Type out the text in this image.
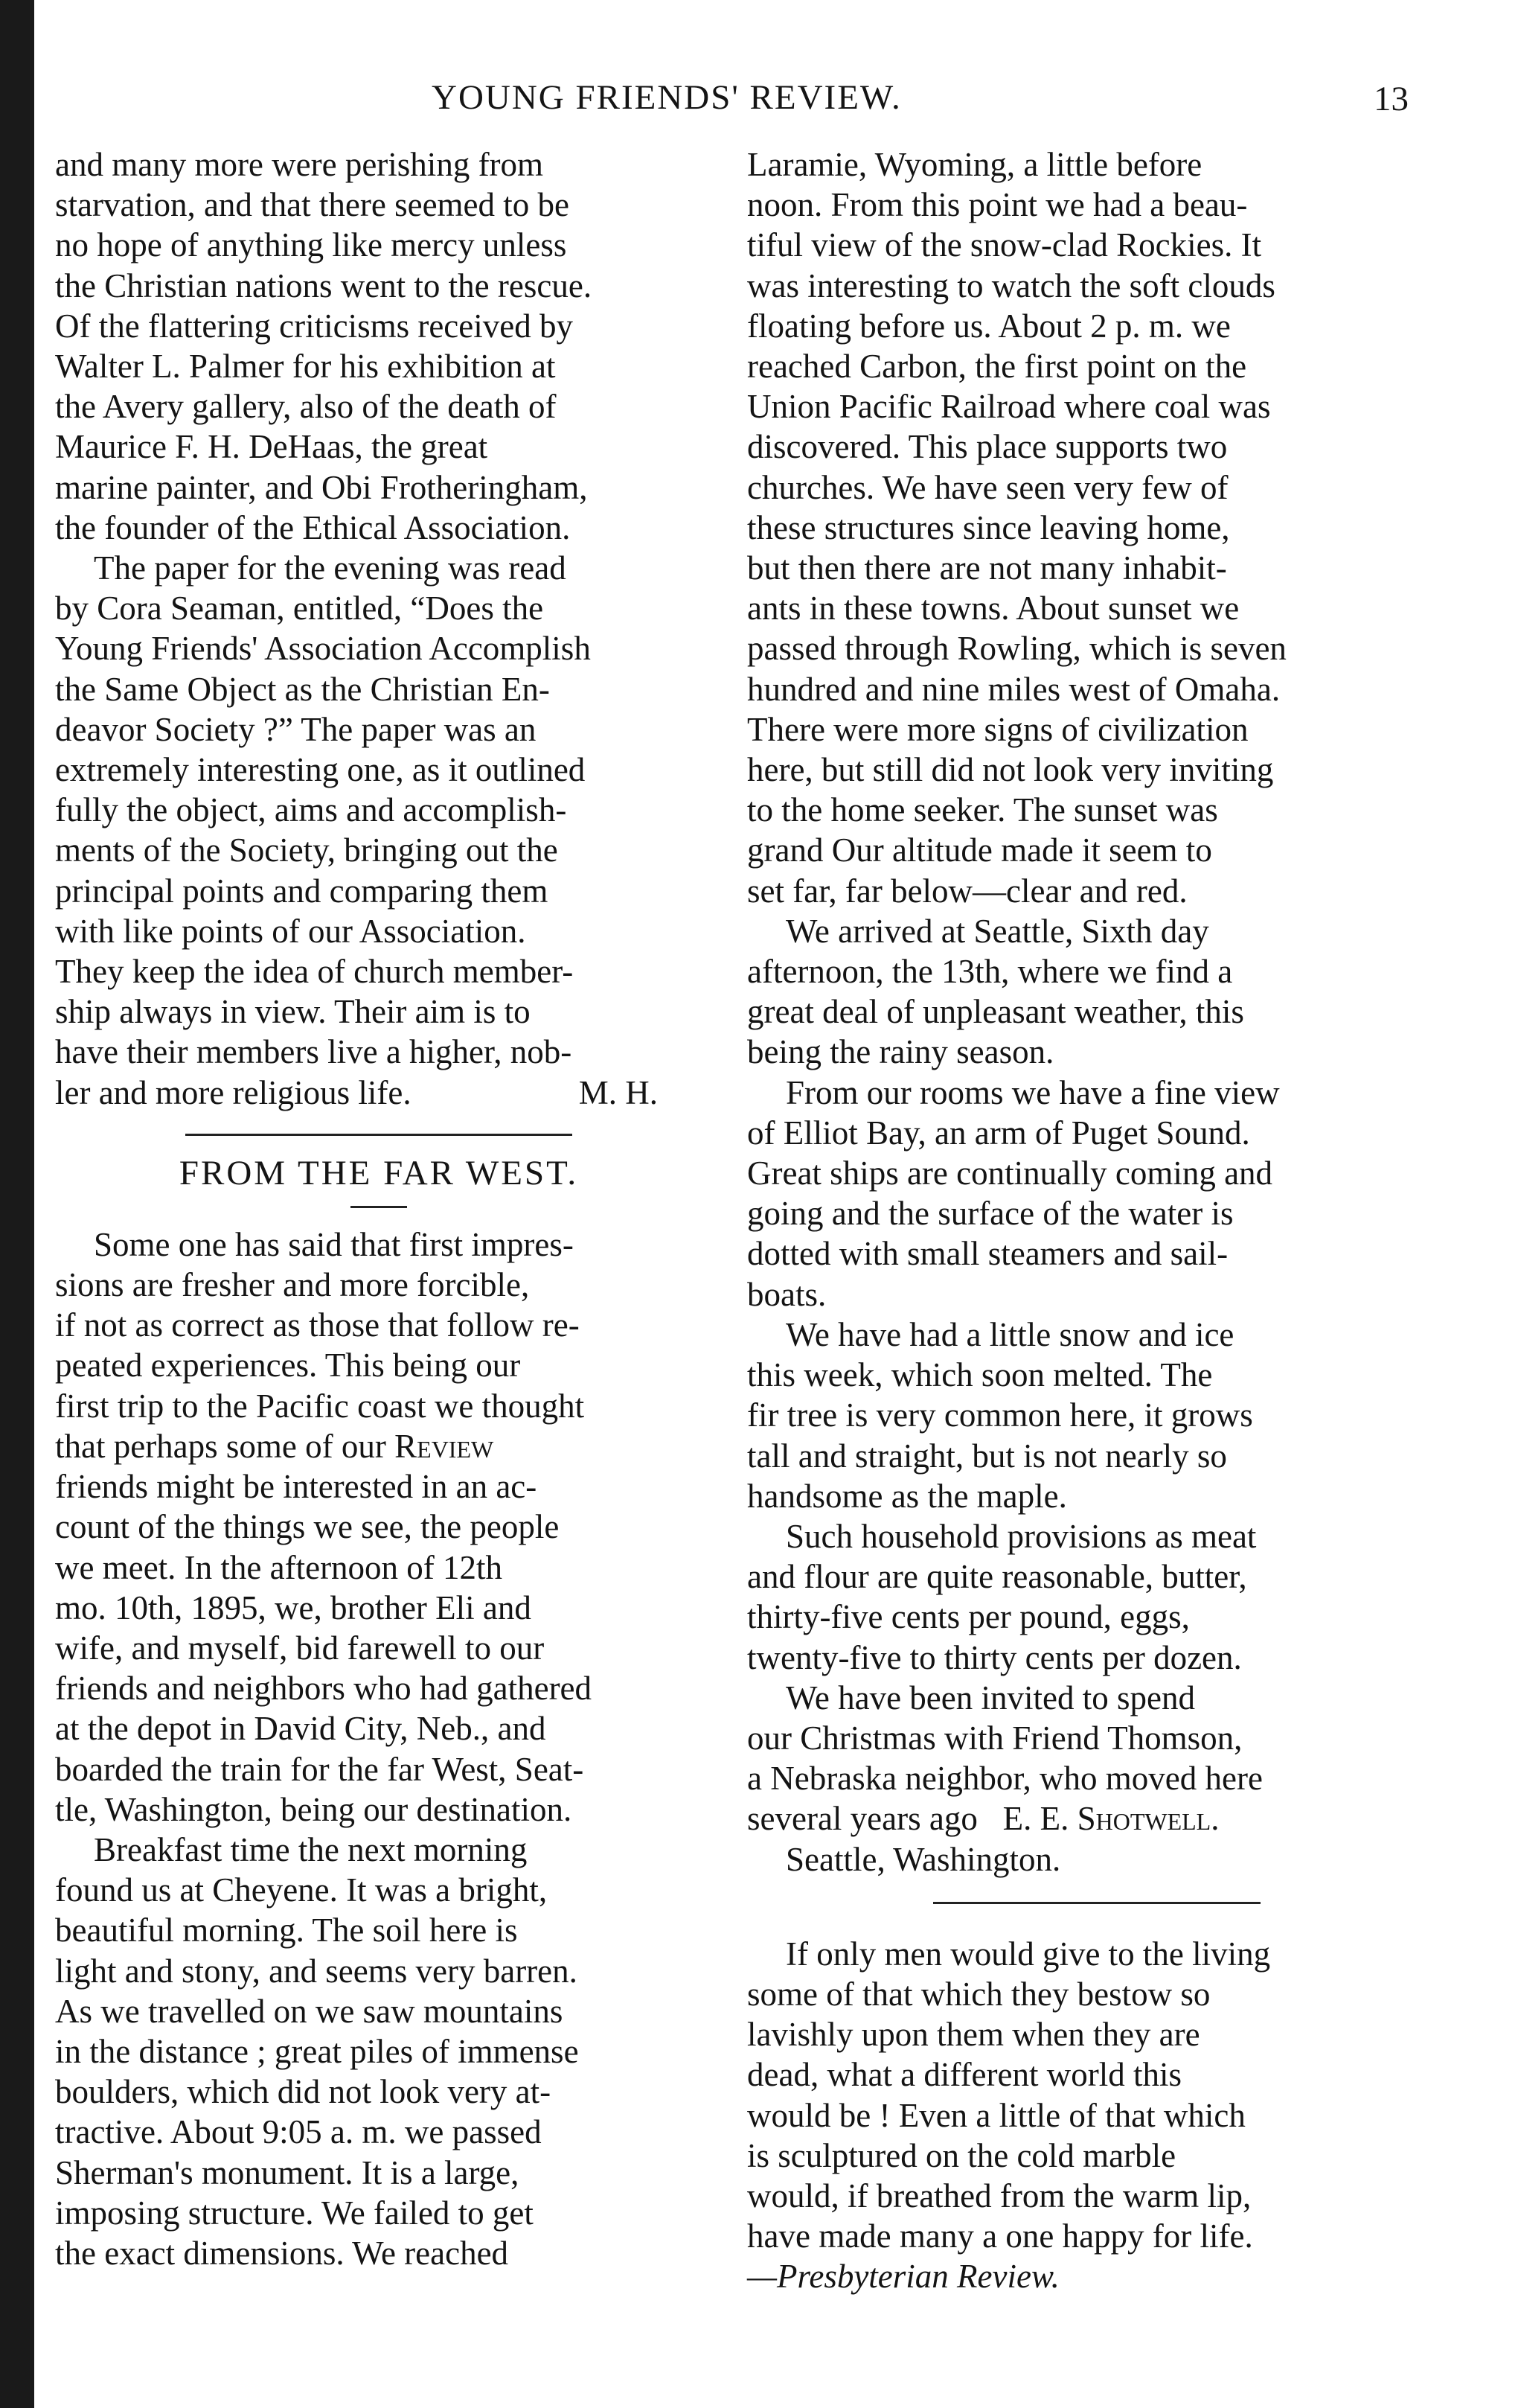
YOUNG FRIENDS' REVIEW.	13

and many more were perishing from
starvation, and that there seemed to be
no hope of anything like mercy unless
the Christian nations went to the rescue.
Of the flattering criticisms received by
Walter L. Palmer for his exhibition at
the Avery gallery, also of the death of
Maurice F. H. DeHaas, the great
marine painter, and Obi Frotheringham,
the founder of the Ethical Association.

The paper for the evening was read
by Cora Seaman, entitled, “Does the
Young Friends' Association Accomplish
the Same Object as the Christian En-
deavor Society ?” The paper was an
extremely interesting one, as it outlined
fully the object, aims and accomplish-
ments of the Society, bringing out the
principal points and comparing them
with like points of our Association.
They keep the idea of church member-
ship always in view. Their aim is to
have their members live a higher, nob-
ler and more religious life.	M. H.

FROM THE FAR WEST.

Some one has said that first impres-
sions are fresher and more forcible,
if not as correct as those that follow re-
peated experiences. This being our
first trip to the Pacific coast we thought
that perhaps some of our Review
friends might be interested in an ac-
count of the things we see, the people
we meet. In the afternoon of 12th
mo. 10th, 1895, we, brother Eli and
wife, and myself, bid farewell to our
friends and neighbors who had gathered
at the depot in David City, Neb., and
boarded the train for the far West, Seat-
tle, Washington, being our destination.

Breakfast time the next morning
found us at Cheyene. It was a bright,
beautiful morning. The soil here is
light and stony, and seems very barren.
As we travelled on we saw mountains
in the distance ; great piles of immense
boulders, which did not look very at-
tractive. About 9:05 a. m. we passed
Sherman's monument. It is a large,
imposing structure. We failed to get
the exact dimensions. We reached

Laramie, Wyoming, a little before
noon. From this point we had a beau-
tiful view of the snow-clad Rockies. It
was interesting to watch the soft clouds
floating before us. About 2 p. m. we
reached Carbon, the first point on the
Union Pacific Railroad where coal was
discovered. This place supports two
churches. We have seen very few of
these structures since leaving home,
but then there are not many inhabit-
ants in these towns. About sunset we
passed through Rowling, which is seven
hundred and nine miles west of Omaha.
There were more signs of civilization
here, but still did not look very inviting
to the home seeker. The sunset was
grand Our altitude made it seem to
set far, far below—clear and red.

We arrived at Seattle, Sixth day
afternoon, the 13th, where we find a
great deal of unpleasant weather, this
being the rainy season.

From our rooms we have a fine view
of Elliot Bay, an arm of Puget Sound.
Great ships are continually coming and
going and the surface of the water is
dotted with small steamers and sail-
boats.

We have had a little snow and ice
this week, which soon melted. The
fir tree is very common here, it grows
tall and straight, but is not nearly so
handsome as the maple.

Such household provisions as meat
and flour are quite reasonable, butter,
thirty-five cents per pound, eggs,
twenty-five to thirty cents per dozen.

We have been invited to spend
our Christmas with Friend Thomson,
a Nebraska neighbor, who moved here
several years ago E. E. Shotwell.

Seattle, Washington.

If only men would give to the living
some of that which they bestow so
lavishly upon them when they are
dead, what a different world this
would be ! Even a little of that which
is sculptured on the cold marble
would, if breathed from the warm lip,
have made many a one happy for life.

—Presbyterian Review.
